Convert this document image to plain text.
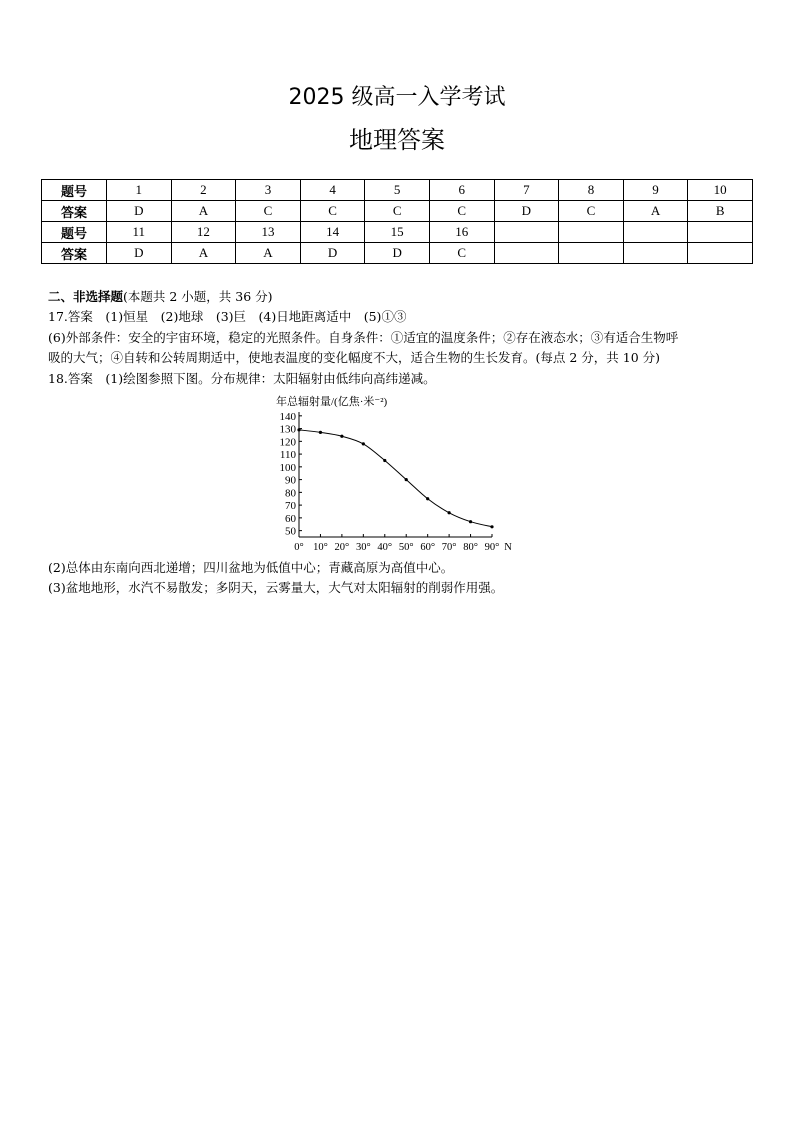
2025 级高一入学考试
地理答案
题号	1	2	3	4	5	6	7	8	9	10
答案	D	A	C	C	C	C	D	C	A	B
题号	11	12	13	14	15	16				
答案	D	A	A	D	D	C				
二、非选择题(本题共 2 小题，共 36 分)
17.答案　 (1)恒星　(2)地球　(3)巨　(4)日地距离适中　(5)①③
(6)外部条件：安全的宇宙环境，稳定的光照条件。自身条件：①适宜的温度条件；②存在液态水；③有适合生物呼
吸的大气；④自转和公转周期适中，使地表温度的变化幅度不大，适合生物的生长发育。(每点 2 分，共 10 分)
18.答案　 (1)绘图参照下图。分布规律：太阳辐射由低纬向高纬递减。
年总辐射量/(亿焦·米⁻²)
50
60
70
80
90
100
110
120
130
140
0° 10° 20° 30° 40° 50° 60° 70° 80° 90° N
(2)总体由东南向西北递增；四川盆地为低值中心；青藏高原为高值中心。
(3)盆地地形，水汽不易散发；多阴天，云雾量大，大气对太阳辐射的削弱作用强。
